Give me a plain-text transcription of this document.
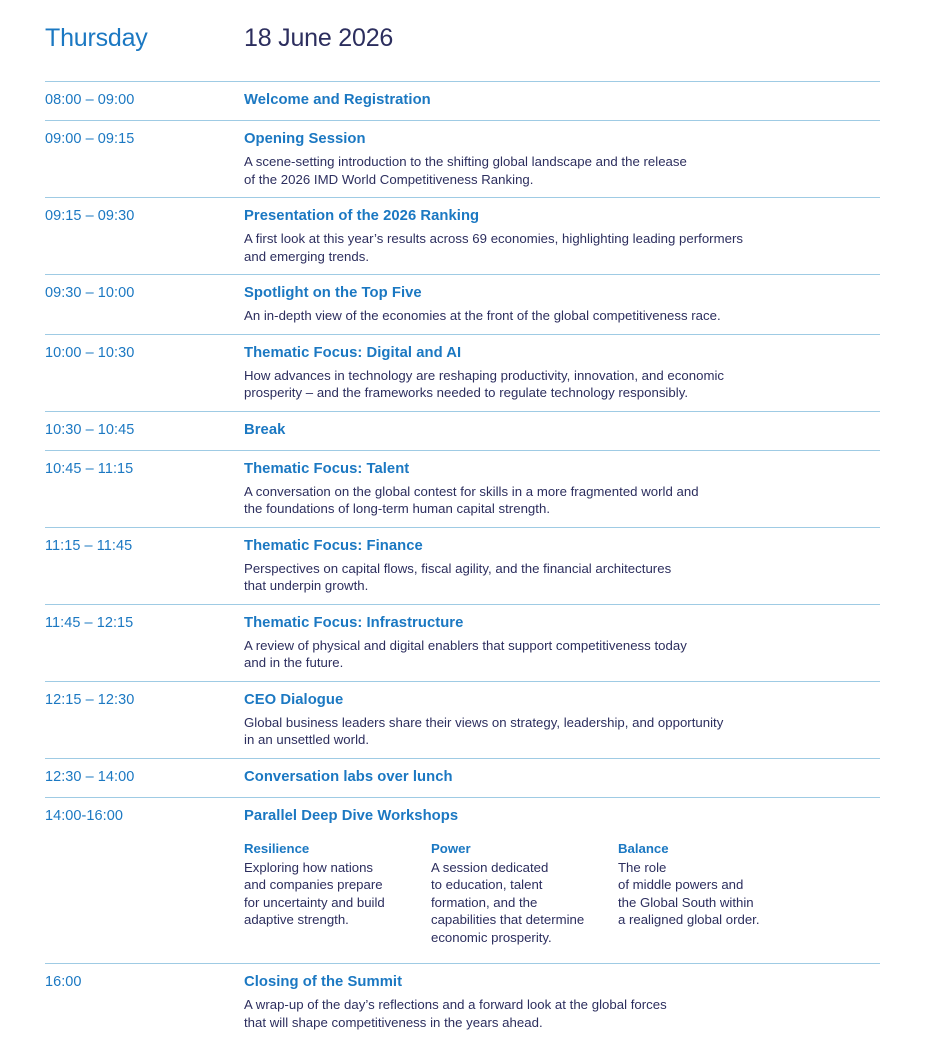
Thursday	18 June 2026
08:00 – 09:00	Welcome and Registration
09:00 – 09:15	Opening Session
A scene-setting introduction to the shifting global landscape and the release
of the 2026 IMD World Competitiveness Ranking.
09:15 – 09:30	Presentation of the 2026 Ranking
A first look at this year’s results across 69 economies, highlighting leading performers
and emerging trends.
09:30 – 10:00	Spotlight on the Top Five
An in-depth view of the economies at the front of the global competitiveness race.
10:00 – 10:30	Thematic Focus: Digital and AI
How advances in technology are reshaping productivity, innovation, and economic
prosperity – and the frameworks needed to regulate technology responsibly.
10:30 – 10:45	Break
10:45 – 11:15	Thematic Focus: Talent
A conversation on the global contest for skills in a more fragmented world and
the foundations of long-term human capital strength.
11:15 – 11:45	Thematic Focus: Finance
Perspectives on capital flows, fiscal agility, and the financial architectures
that underpin growth.
11:45 – 12:15	Thematic Focus: Infrastructure
A review of physical and digital enablers that support competitiveness today
and in the future.
12:15 – 12:30	CEO Dialogue
Global business leaders share their views on strategy, leadership, and opportunity
in an unsettled world.
12:30 – 14:00	Conversation labs over lunch
14:00-16:00	Parallel Deep Dive Workshops
Resilience
Exploring how nations
and companies prepare
for uncertainty and build
adaptive strength.
Power
A session dedicated
to education, talent
formation, and the
capabilities that determine
economic prosperity.
Balance
The role
of middle powers and
the Global South within
a realigned global order.
16:00	Closing of the Summit
A wrap-up of the day’s reflections and a forward look at the global forces
that will shape competitiveness in the years ahead.
